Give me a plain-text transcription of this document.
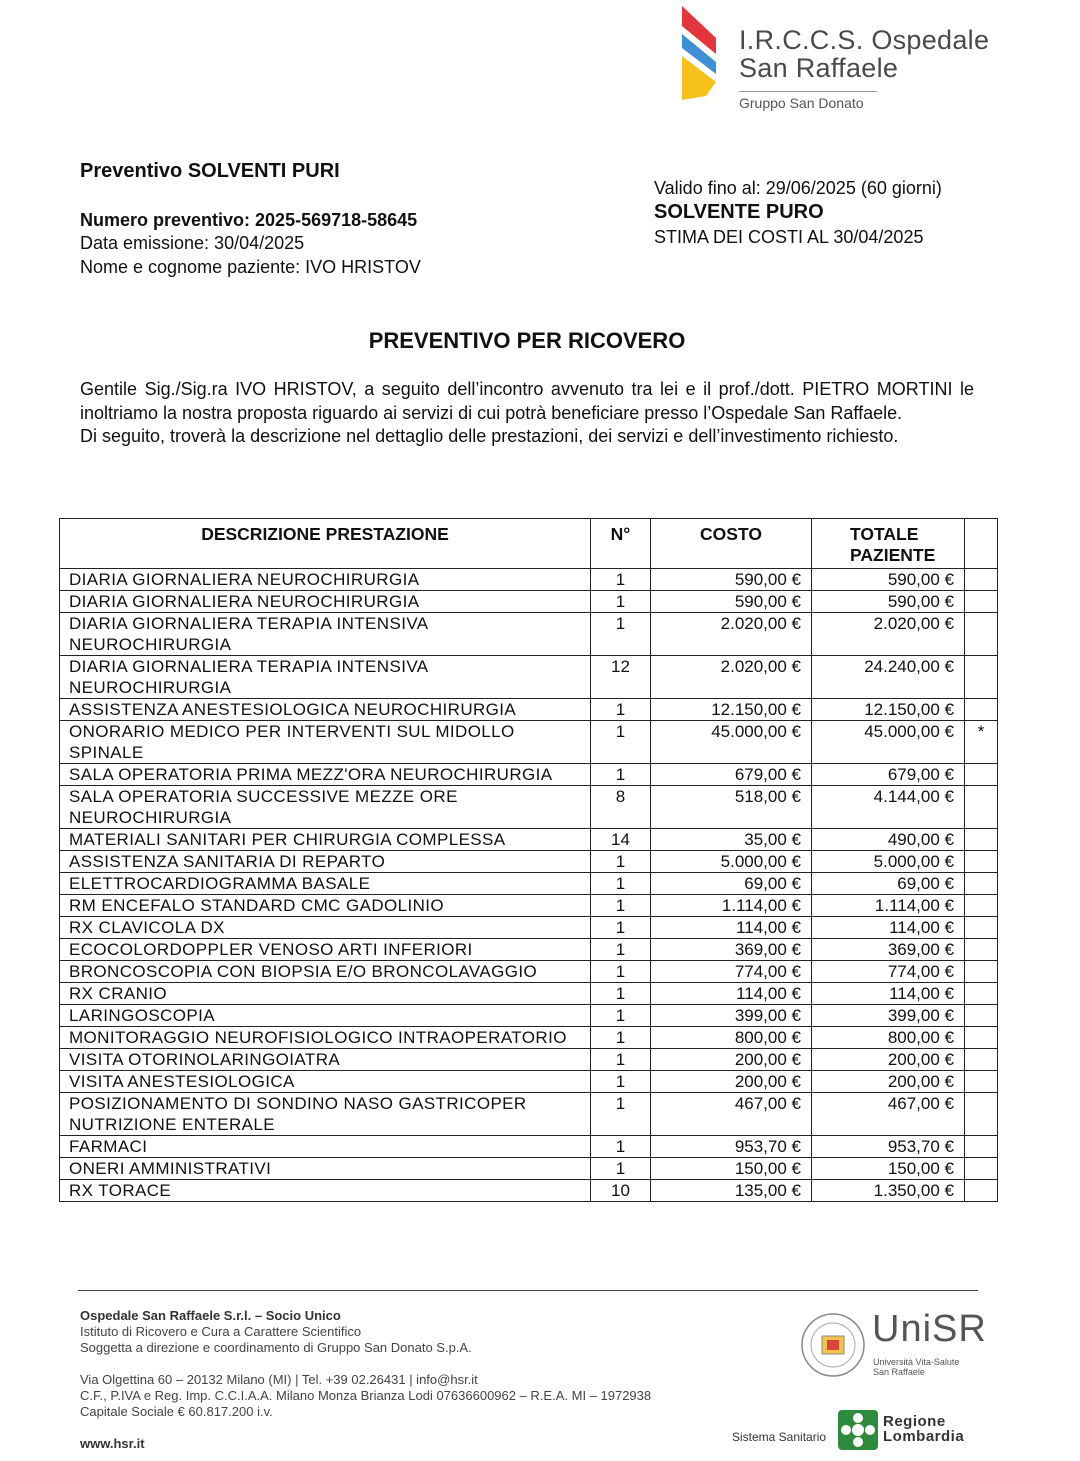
I.R.C.C.S. Ospedale
San Raffaele
Gruppo San Donato
Preventivo SOLVENTI PURI
Numero preventivo: 2025-569718-58645
Data emissione: 30/04/2025
Nome e cognome paziente: IVO HRISTOV
Valido fino al: 29/06/2025 (60 giorni)
SOLVENTE PURO
STIMA DEI COSTI AL 30/04/2025
PREVENTIVO PER RICOVERO

Gentile Sig./Sig.ra IVO HRISTOV, a seguito dell’incontro avvenuto tra lei e il prof./dott. PIETRO MORTINI le inoltriamo la nostra proposta riguardo ai servizi di cui potrà beneficiare presso l’Ospedale San Raffaele.

Di seguito, troverà la descrizione nel dettaglio delle prestazioni, dei servizi e dell’investimento richiesto.

DESCRIZIONE PRESTAZIONE	N°	COSTO	TOTALE
PAZIENTE	
DIARIA GIORNALIERA NEUROCHIRURGIA	1	590,00 €	590,00 €	
DIARIA GIORNALIERA NEUROCHIRURGIA	1	590,00 €	590,00 €	
DIARIA GIORNALIERA TERAPIA INTENSIVA NEUROCHIRURGIA	1	2.020,00 €	2.020,00 €	
DIARIA GIORNALIERA TERAPIA INTENSIVA NEUROCHIRURGIA	12	2.020,00 €	24.240,00 €	
ASSISTENZA ANESTESIOLOGICA NEUROCHIRURGIA	1	12.150,00 €	12.150,00 €	
ONORARIO MEDICO PER INTERVENTI SUL MIDOLLO SPINALE	1	45.000,00 €	45.000,00 €	*
SALA OPERATORIA PRIMA MEZZ'ORA NEUROCHIRURGIA	1	679,00 €	679,00 €	
SALA OPERATORIA SUCCESSIVE MEZZE ORE NEUROCHIRURGIA	8	518,00 €	4.144,00 €	
MATERIALI SANITARI PER CHIRURGIA COMPLESSA	14	35,00 €	490,00 €	
ASSISTENZA SANITARIA DI REPARTO	1	5.000,00 €	5.000,00 €	
ELETTROCARDIOGRAMMA BASALE	1	69,00 €	69,00 €	
RM ENCEFALO STANDARD CMC GADOLINIO	1	1.114,00 €	1.114,00 €	
RX CLAVICOLA DX	1	114,00 €	114,00 €	
ECOCOLORDOPPLER VENOSO ARTI INFERIORI	1	369,00 €	369,00 €	
BRONCOSCOPIA CON BIOPSIA E/O BRONCOLAVAGGIO	1	774,00 €	774,00 €	
RX CRANIO	1	114,00 €	114,00 €	
LARINGOSCOPIA	1	399,00 €	399,00 €	
MONITORAGGIO NEUROFISIOLOGICO INTRAOPERATORIO	1	800,00 €	800,00 €	
VISITA OTORINOLARINGOIATRA	1	200,00 €	200,00 €	
VISITA ANESTESIOLOGICA	1	200,00 €	200,00 €	
POSIZIONAMENTO DI SONDINO NASO GASTRICOPER NUTRIZIONE ENTERALE	1	467,00 €	467,00 €	
FARMACI	1	953,70 €	953,70 €	
ONERI AMMINISTRATIVI	1	150,00 €	150,00 €	
RX TORACE	10	135,00 €	1.350,00 €	
Ospedale San Raffaele S.r.l. – Socio Unico
Istituto di Ricovero e Cura a Carattere Scientifico
Soggetta a direzione e coordinamento di Gruppo San Donato S.p.A.
Via Olgettina 60 – 20132 Milano (MI) | Tel. +39 02.26431 | info@hsr.it
C.F., P.IVA e Reg. Imp. C.C.I.A.A. Milano Monza Brianza Lodi 07636600962 – R.E.A. MI – 1972938
Capitale Sociale € 60.817.200 i.v.
www.hsr.it
UniSR
Università Vita-Salute
San Raffaele
Sistema Sanitario
Regione
Lombardia
